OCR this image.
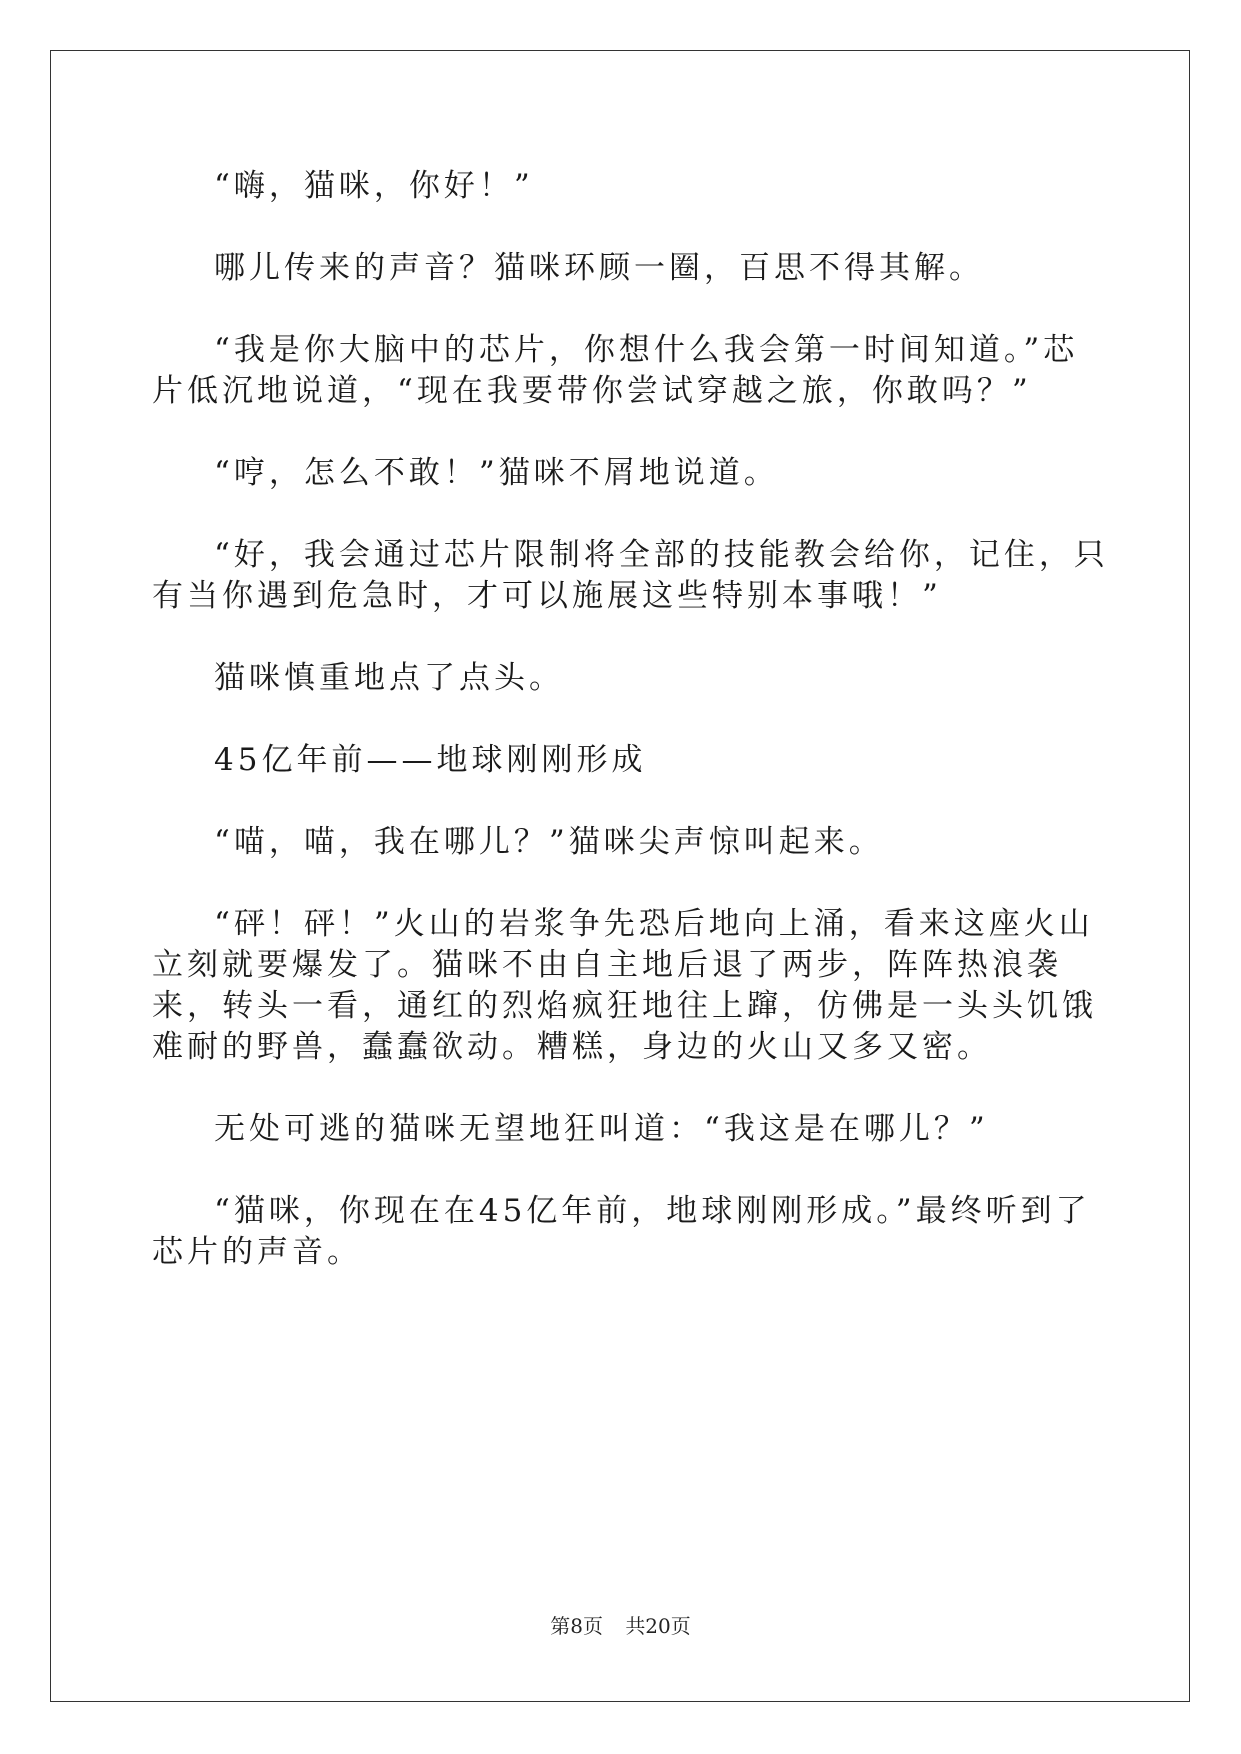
“嗨，猫咪，你好！”

哪儿传来的声音？猫咪环顾一圈，百思不得其解。

“我是你大脑中的芯片，你想什么我会第一时间知道。”芯片低沉地说道，“现在我要带你尝试穿越之旅，你敢吗？”

“哼，怎么不敢！”猫咪不屑地说道。

“好，我会通过芯片限制将全部的技能教会给你，记住，只有当你遇到危急时，才可以施展这些特别本事哦！”

猫咪慎重地点了点头。

45亿年前——地球刚刚形成

“喵，喵，我在哪儿？”猫咪尖声惊叫起来。

“砰！砰！”火山的岩浆争先恐后地向上涌，看来这座火山立刻就要爆发了。猫咪不由自主地后退了两步，阵阵热浪袭来，转头一看，通红的烈焰疯狂地往上蹿，仿佛是一头头饥饿难耐的野兽，蠢蠢欲动。糟糕，身边的火山又多又密。

无处可逃的猫咪无望地狂叫道：“我这是在哪儿？”

“猫咪，你现在在45亿年前，地球刚刚形成。”最终听到了芯片的声音。

第8页 共20页
